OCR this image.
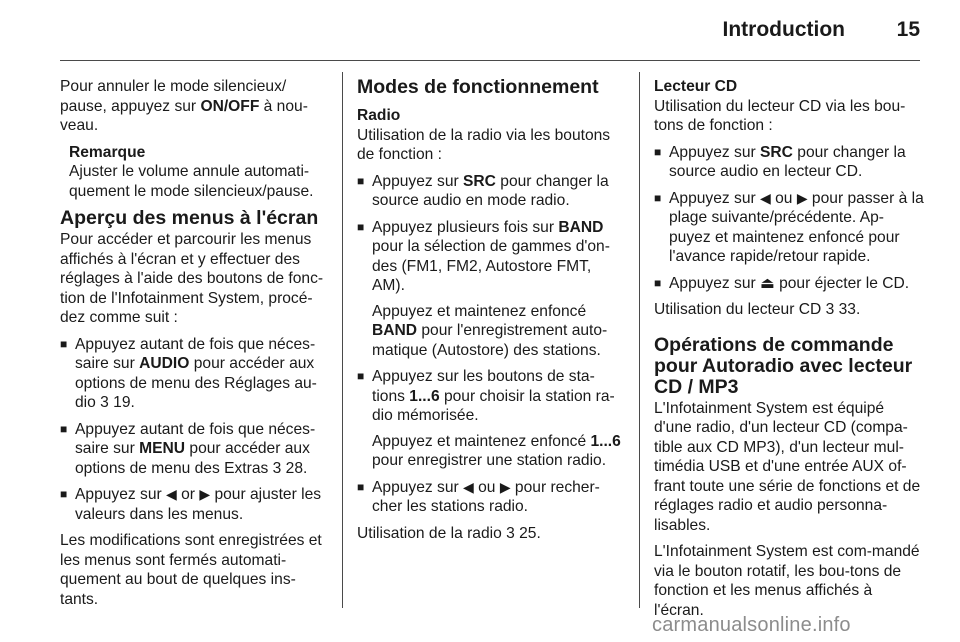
Introduction	15

Pour annuler le mode silencieux/ pause, appuyez sur ON/OFF à nou-veau.

Remarque
Ajuster le volume annule automati-quement le mode silencieux/pause.
Aperçu des menus à l'écran

Pour accéder et parcourir les menus affichés à l'écran et y effectuer des réglages à l'aide des boutons de fonc-tion de l'Infotainment System, procé-dez comme suit :

■ Appuyez autant de fois que néces-saire sur AUDIO pour accéder aux options de menu des Réglages au-dio 3 19.
■ Appuyez autant de fois que néces-saire sur MENU pour accéder aux options de menu des Extras 3 28.
■ Appuyez sur ◀ or ▶ pour ajuster les valeurs dans les menus.

Les modifications sont enregistrées et les menus sont fermés automati-quement au bout de quelques ins-tants.

Modes de fonctionnement
Radio

Utilisation de la radio via les boutons de fonction :

■ Appuyez sur SRC pour changer la source audio en mode radio.
■ Appuyez plusieurs fois sur BAND pour la sélection de gammes d'on-des (FM1, FM2, Autostore FMT, AM).
Appuyez et maintenez enfoncé BAND pour l'enregistrement auto-matique (Autostore) des stations.
■ Appuyez sur les boutons de sta-tions 1...6 pour choisir la station ra-dio mémorisée.
Appuyez et maintenez enfoncé 1...6 pour enregistrer une station radio.
■ Appuyez sur ◀ ou ▶ pour recher-cher les stations radio.

Utilisation de la radio 3 25.

Lecteur CD

Utilisation du lecteur CD via les bou-tons de fonction :

■ Appuyez sur SRC pour changer la source audio en lecteur CD.
■ Appuyez sur ◀ ou ▶ pour passer à la plage suivante/précédente. Ap-puyez et maintenez enfoncé pour l'avance rapide/retour rapide.
■ Appuyez sur ⏏ pour éjecter le CD.

Utilisation du lecteur CD 3 33.

Opérations de commande pour Autoradio avec lecteur CD / MP3

L'Infotainment System est équipé d'une radio, d'un lecteur CD (compa-tible aux CD MP3), d'un lecteur mul-timédia USB et d'une entrée AUX of-frant toute une série de fonctions et de réglages radio et audio personna-lisables.

L'Infotainment System est com-mandé via le bouton rotatif, les bou-tons de fonction et les menus affichés à l'écran.

carmanualsonline.info
